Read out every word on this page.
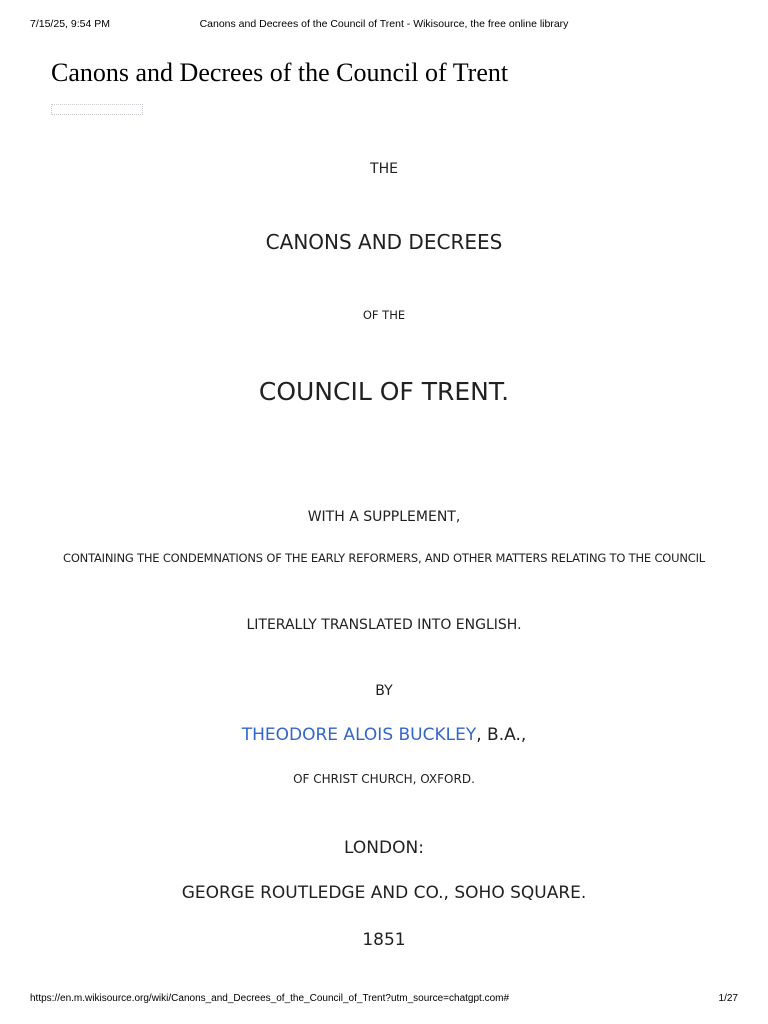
7/15/25, 9:54 PM	Canons and Decrees of the Council of Trent - Wikisource, the free online library
Canons and Decrees of the Council of Trent
THE
CANONS AND DECREES
OF THE
COUNCIL OF TRENT.
WITH A SUPPLEMENT,
CONTAINING THE CONDEMNATIONS OF THE EARLY REFORMERS, AND OTHER MATTERS RELATING TO THE COUNCIL
LITERALLY TRANSLATED INTO ENGLISH.
BY
THEODORE ALOIS BUCKLEY, B.A.,
OF CHRIST CHURCH, OXFORD.
LONDON:
GEORGE ROUTLEDGE AND CO., SOHO SQUARE.
1851
https://en.m.wikisource.org/wiki/Canons_and_Decrees_of_the_Council_of_Trent?utm_source=chatgpt.com#	1/27
